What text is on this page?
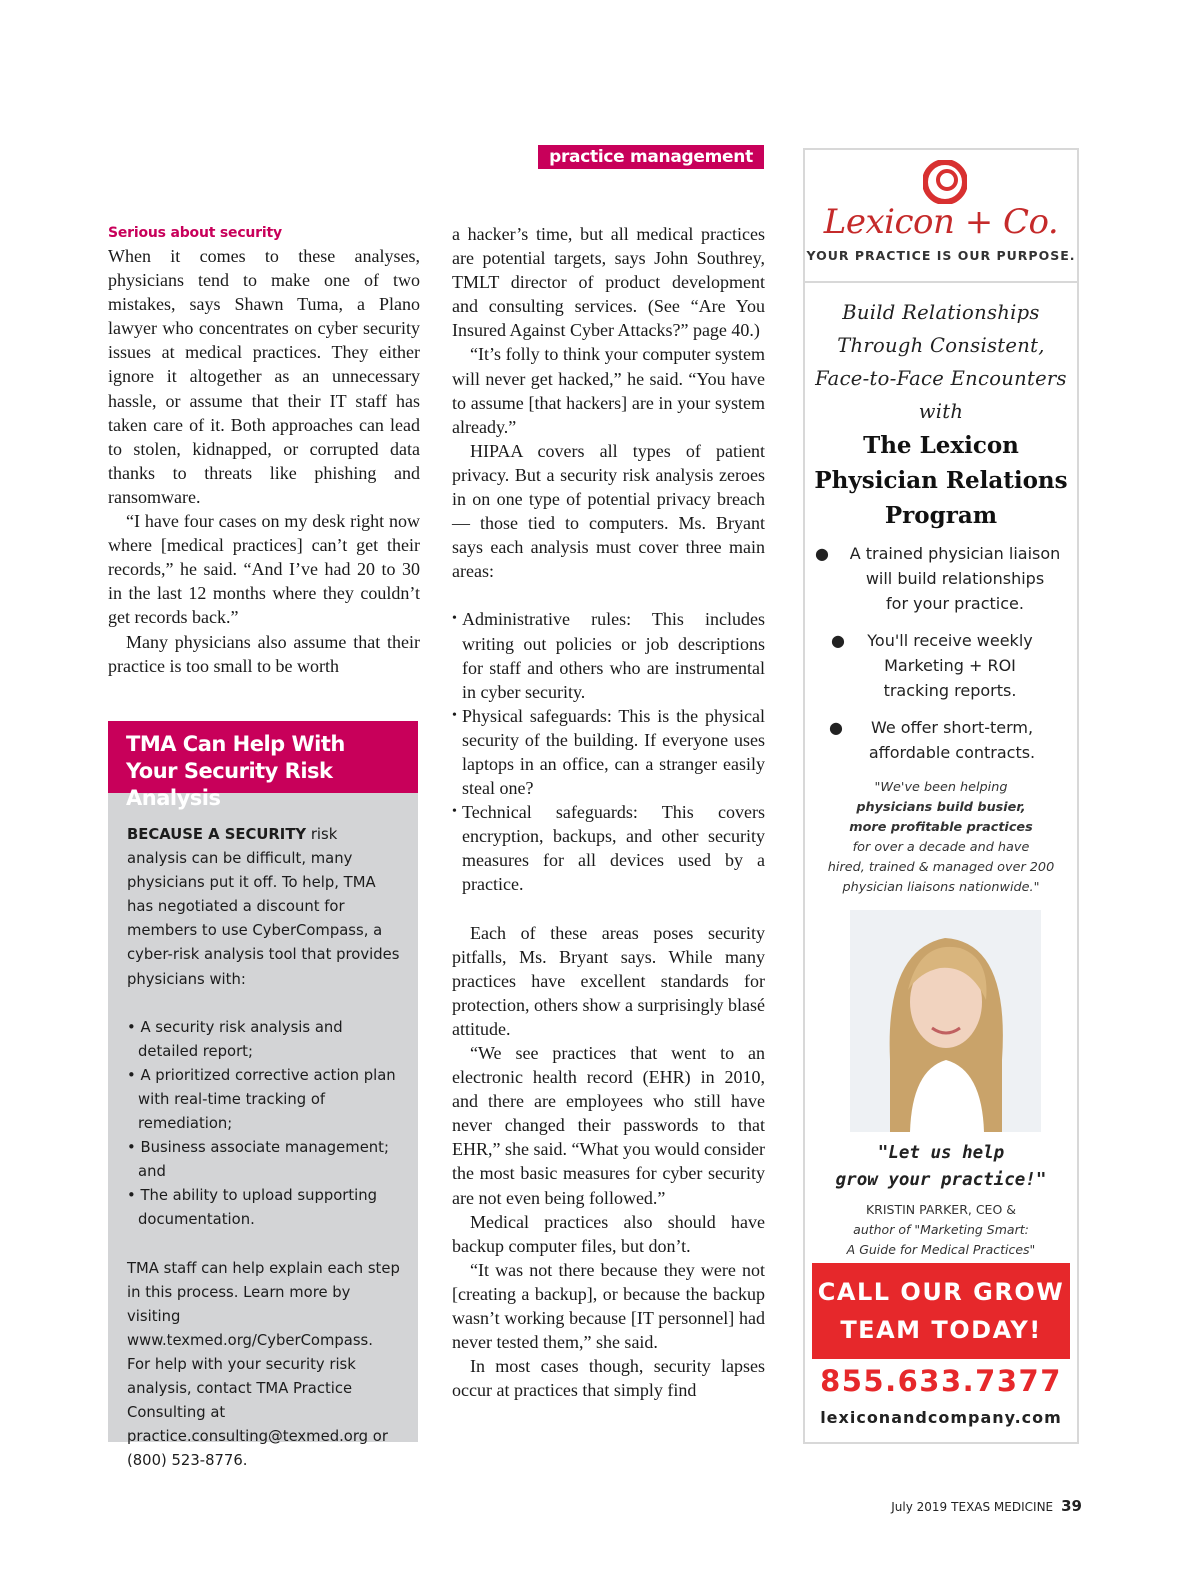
practice management
Serious about security

When it comes to these analyses, physicians tend to make one of two mistakes, says Shawn Tuma, a Plano lawyer who concentrates on cyber security issues at medical practices. They either ignore it altogether as an unnecessary hassle, or assume that their IT staff has taken care of it. Both approaches can lead to stolen, kidnapped, or corrupted data thanks to threats like phishing and ransomware.

“I have four cases on my desk right now where [medical practices] can’t get their records,” he said. “And I’ve had 20 to 30 in the last 12 months where they couldn’t get records back.”

Many physicians also assume that their practice is too small to be worth

TMA Can Help With Your Security Risk Analysis

BECAUSE A SECURITY risk analysis can be difficult, many physicians put it off. To help, TMA has negotiated a discount for members to use CyberCompass, a cyber-risk analysis tool that provides physicians with:

• A security risk analysis and detailed report;

• A prioritized corrective action plan with real-time tracking of remediation;

• Business associate management; and

• The ability to upload supporting documentation.

TMA staff can help explain each step in this process. Learn more by visiting www.texmed.org/CyberCompass. For help with your security risk analysis, contact TMA Practice Consulting at practice.consulting@texmed.org or (800) 523-8776.

a hacker’s time, but all medical practices are potential targets, says John Southrey, TMLT director of product development and consulting services. (See “Are You Insured Against Cyber Attacks?” page 40.)

“It’s folly to think your computer system will never get hacked,” he said. “You have to assume [that hackers] are in your system already.”

HIPAA covers all types of patient privacy. But a security risk analysis zeroes in on one type of potential privacy breach — those tied to computers. Ms. Bryant says each analysis must cover three main areas:

• Administrative rules: This includes writing out policies or job descriptions for staff and others who are instrumental in cyber security.
• Physical safeguards: This is the physical security of the building. If everyone uses laptops in an office, can a stranger easily steal one?
• Technical safeguards: This covers encryption, backups, and other security measures for all devices used by a practice.

Each of these areas poses security pitfalls, Ms. Bryant says. While many practices have excellent standards for protection, others show a surprisingly blasé attitude.

“We see practices that went to an electronic health record (EHR) in 2010, and there are employees who still have never changed their passwords to that EHR,” she said. “What you would consider the most basic measures for cyber security are not even being followed.”

Medical practices also should have backup computer files, but don’t.

“It was not there because they were not [creating a backup], or because the backup wasn’t working because [IT personnel] had never tested them,” she said.

In most cases though, security lapses occur at practices that simply find

Lexicon + Co.
YOUR PRACTICE IS OUR PURPOSE.
Build Relationships
Through Consistent,
Face-to-Face Encounters
with
The Lexicon
Physician Relations
Program
●	A trained physician liaison
will build relationships
for your practice.
●	You'll receive weekly
Marketing + ROI
tracking reports.
●	We offer short-term,
affordable contracts.
"We've been helping
physicians build busier,
more profitable practices
for over a decade and have
hired, trained & managed over 200
physician liaisons nationwide."
"Let us help
grow your practice!"
KRISTIN PARKER, CEO &
author of "Marketing Smart:
A Guide for Medical Practices"
CALL OUR GROW
TEAM TODAY!
855.633.7377
lexiconandcompany.com
July 2019 TEXAS MEDICINE 39
